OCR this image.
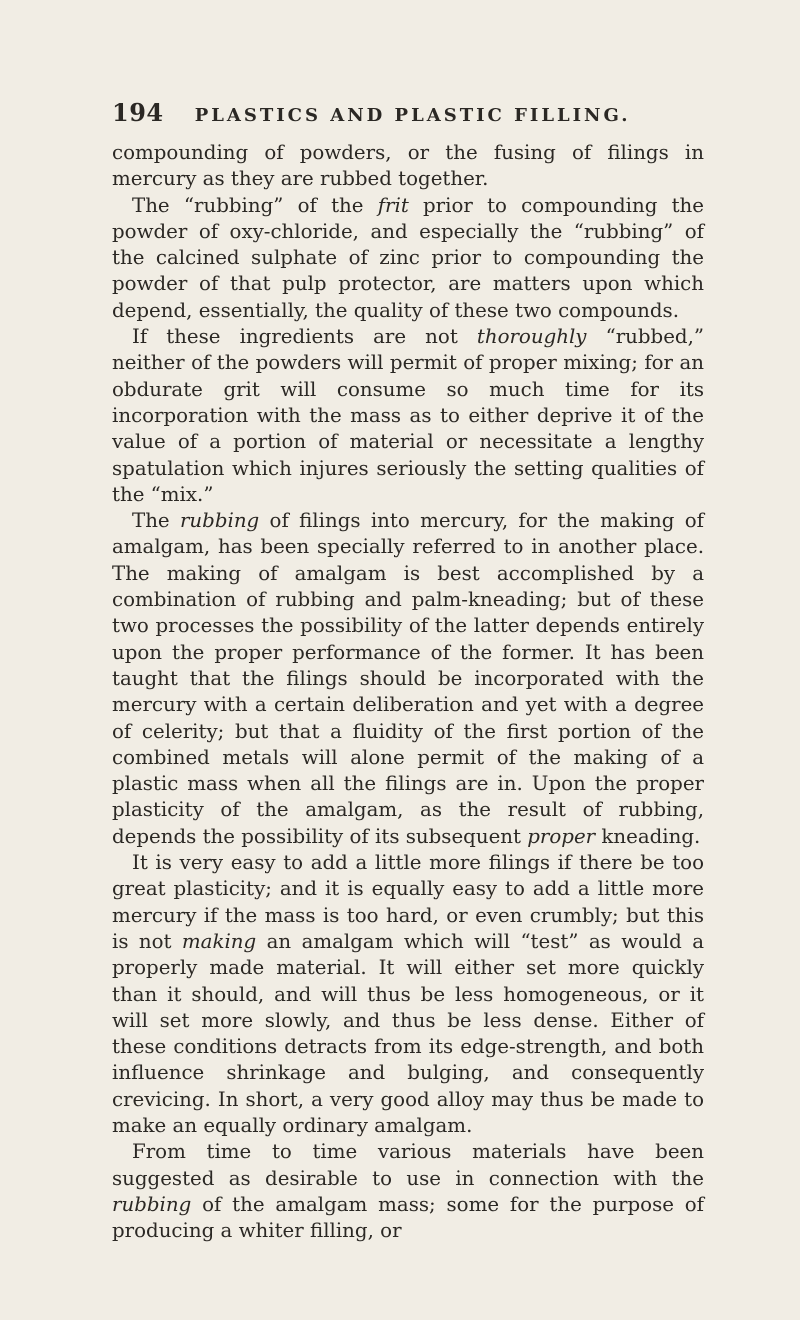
194 PLASTICS AND PLASTIC FILLING.

compounding of powders, or the fusing of filings in mercury as they are rubbed together.

The “rubbing” of the frit prior to compounding the powder of oxy-chloride, and especially the “rubbing” of the calcined sulphate of zinc prior to compounding the powder of that pulp protector, are matters upon which depend, essentially, the quality of these two compounds.

If these ingredients are not thoroughly “rubbed,” neither of the powders will permit of proper mixing; for an obdurate grit will consume so much time for its incorporation with the mass as to either deprive it of the value of a portion of material or necessitate a lengthy spatulation which injures seriously the setting qualities of the “mix.”

The rubbing of filings into mercury, for the making of amalgam, has been specially referred to in another place. The making of amalgam is best accomplished by a combination of rubbing and palm-kneading; but of these two processes the possibility of the latter depends entirely upon the proper performance of the former. It has been taught that the filings should be incorporated with the mercury with a certain deliberation and yet with a degree of celerity; but that a fluidity of the first portion of the combined metals will alone permit of the making of a plastic mass when all the filings are in. Upon the proper plasticity of the amalgam, as the result of rubbing, depends the possibility of its subsequent proper kneading.

It is very easy to add a little more filings if there be too great plasticity; and it is equally easy to add a little more mercury if the mass is too hard, or even crumbly; but this is not making an amalgam which will “test” as would a properly made material. It will either set more quickly than it should, and will thus be less homogeneous, or it will set more slowly, and thus be less dense. Either of these conditions detracts from its edge-strength, and both influence shrinkage and bulging, and consequently crevicing. In short, a very good alloy may thus be made to make an equally ordinary amalgam.

From time to time various materials have been suggested as desirable to use in connection with the rubbing of the amalgam mass; some for the purpose of producing a whiter filling, or
